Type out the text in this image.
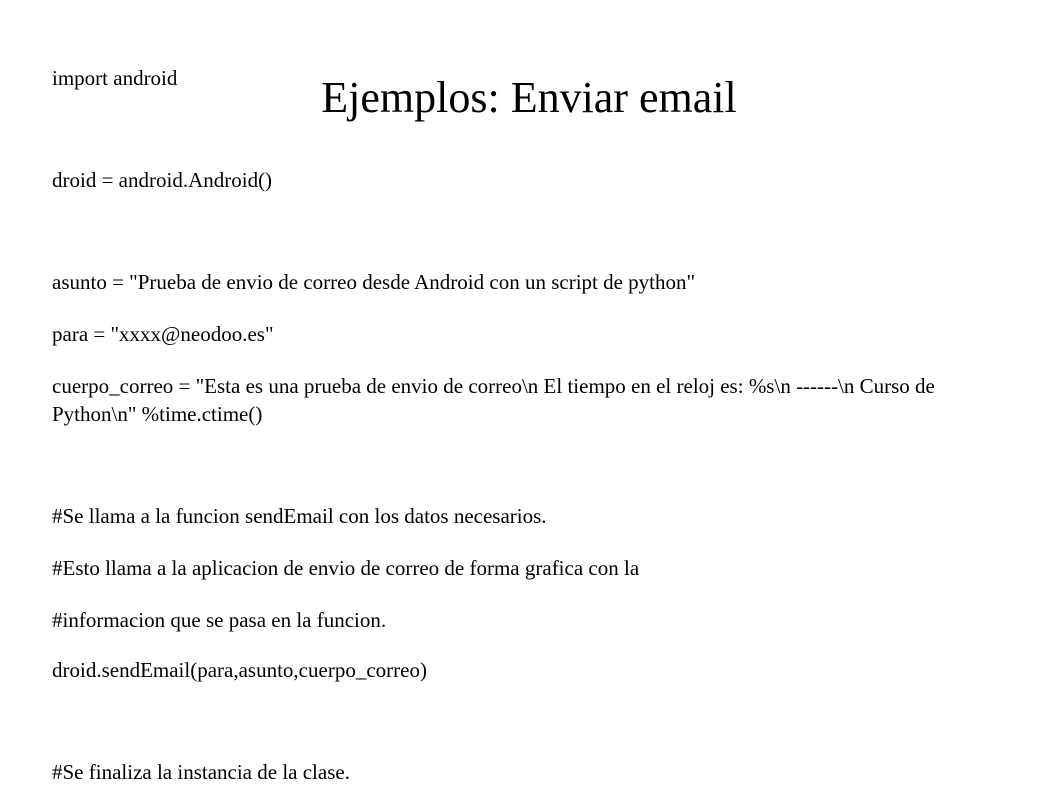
import android	Ejemplos: Enviar email
droid = android.Android()
asunto = "Prueba de envio de correo desde Android con un script de python"
para = "xxxx@neodoo.es"
cuerpo_correo = "Esta es una prueba de envio de correo\n El tiempo en el reloj es: %s\n ------\n Curso de Python\n" %time.ctime()
#Se llama a la funcion sendEmail con los datos necesarios.
#Esto llama a la aplicacion de envio de correo de forma grafica con la
#informacion que se pasa en la funcion.
droid.sendEmail(para,asunto,cuerpo_correo)
#Se finaliza la instancia de la clase.
